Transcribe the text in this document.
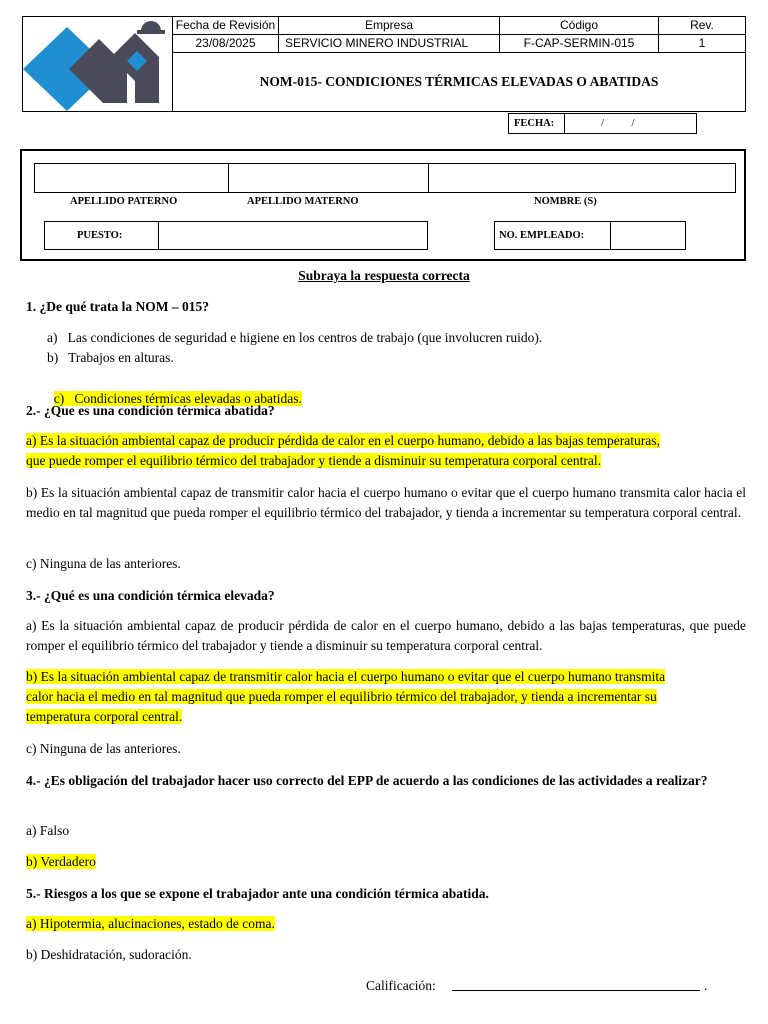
Fecha de Revisión	Empresa	Código	Rev.
23/08/2025	SERVICIO MINERO INDUSTRIAL	F-CAP-SERMIN-015	1
NOM-015- CONDICIONES TÉRMICAS ELEVADAS O ABATIDAS
FECHA:	/          /
APELLIDO PATERNO	APELLIDO MATERNO	NOMBRE (S)
PUESTO:	NO. EMPLEADO:
Subraya la respuesta correcta
1. ¿De qué trata la NOM – 015?
a)   Las condiciones de seguridad e higiene en los centros de trabajo (que involucren ruido).
b)   Trabajos en alturas.

c)   Condiciones térmicas elevadas o abatidas.

2.- ¿Que es una condición térmica abatida?
a) Es la situación ambiental capaz de producir pérdida de calor en el cuerpo humano, debido a las bajas temperaturas,
que puede romper el equilibrio térmico del trabajador y tiende a disminuir su temperatura corporal central.
b) Es la situación ambiental capaz de transmitir calor hacia el cuerpo humano o evitar que el cuerpo humano transmita calor hacia el medio en tal magnitud que pueda romper el equilibrio térmico del trabajador, y tienda a incrementar su temperatura corporal central.
c) Ninguna de las anteriores.
3.- ¿Qué es una condición térmica elevada?
a) Es la situación ambiental capaz de producir pérdida de calor en el cuerpo humano, debido a las bajas temperaturas, que puede romper el equilibrio térmico del trabajador y tiende a disminuir su temperatura corporal central.
b) Es la situación ambiental capaz de transmitir calor hacia el cuerpo humano o evitar que el cuerpo humano transmita
calor hacia el medio en tal magnitud que pueda romper el equilibrio térmico del trabajador, y tienda a incrementar su
temperatura corporal central.
c) Ninguna de las anteriores.
4.- ¿Es obligación del trabajador hacer uso correcto del EPP de acuerdo a las condiciones de las actividades a realizar?
a) Falso
b) Verdadero
5.- Riesgos a los que se expone el trabajador ante una condición térmica abatida.
a) Hipotermia, alucinaciones, estado de coma.
b) Deshidratación, sudoración.
Calificación:	.
